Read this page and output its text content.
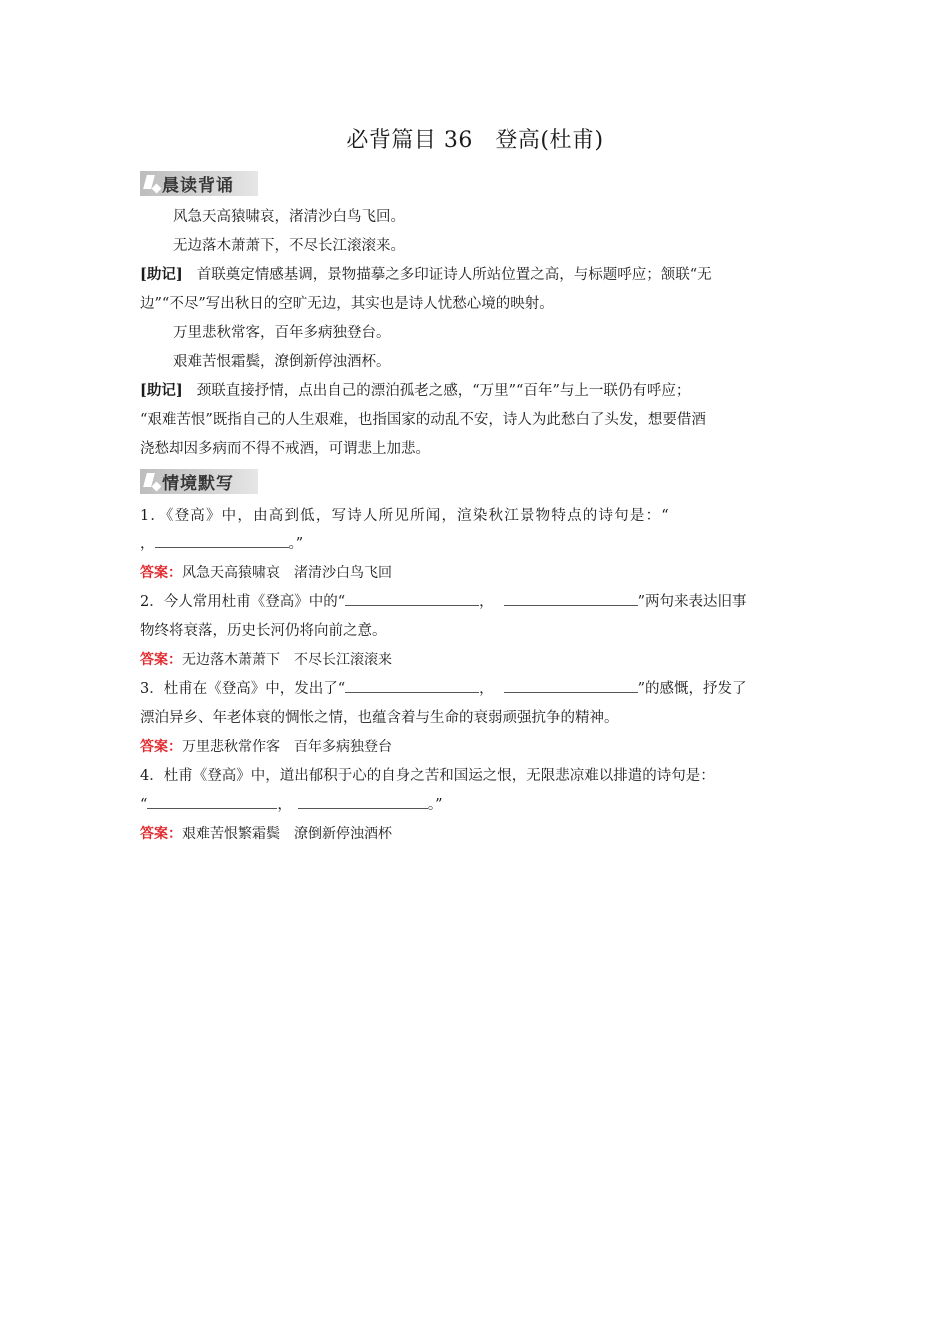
必背篇目 36　登高(杜甫)
晨读背诵
风急天高猿啸哀，渚清沙白鸟飞回。
无边落木萧萧下，不尽长江滚滚来。
[助记] 首联奠定情感基调，景物描摹之多印证诗人所站位置之高，与标题呼应；颔联“无
边”“不尽”写出秋日的空旷无边，其实也是诗人忧愁心境的映射。
万里悲秋常客，百年多病独登台。
艰难苦恨霜鬓，潦倒新停浊酒杯。
[助记] 颈联直接抒情，点出自己的漂泊孤老之感，“万里”“百年”与上一联仍有呼应；
“艰难苦恨”既指自己的人生艰难，也指国家的动乱不安，诗人为此愁白了头发，想要借酒
浇愁却因多病而不得不戒酒，可谓悲上加悲。
情境默写
1．《登高》中，由高到低，写诗人所见所闻，渲染秋江景物特点的诗句是：“
，	。”
答案：风急天高猿啸哀　渚清沙白鸟飞回
2．今人常用杜甫《登高》中的“	，	”两句来表达旧事
物终将衰落，历史长河仍将向前之意。
答案：无边落木萧萧下　不尽长江滚滚来
3．杜甫在《登高》中，发出了“	，	”的感慨，抒发了
漂泊异乡、年老体衰的惆怅之情，也蕴含着与生命的衰弱顽强抗争的精神。
答案：万里悲秋常作客　百年多病独登台
4．杜甫《登高》中，道出郁积于心的自身之苦和国运之恨，无限悲凉难以排遣的诗句是：
“	，	。”
答案：艰难苦恨繁霜鬓　潦倒新停浊酒杯
